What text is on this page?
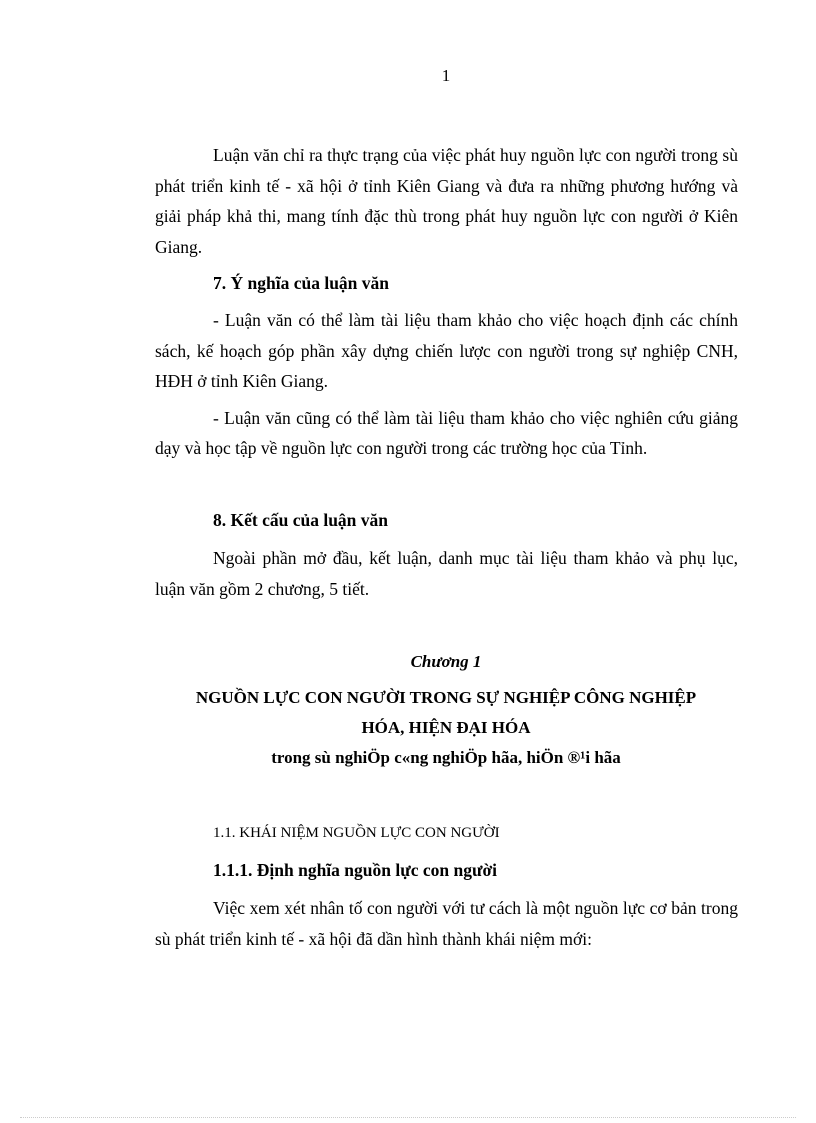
1

Luận văn chỉ ra thực trạng của việc phát huy nguồn lực con người trong sù phát triển kinh tế - xã hội ở tỉnh Kiên Giang và đưa ra những phương hướng và giải pháp khả thi, mang tính đặc thù trong phát huy nguồn lực con người ở Kiên Giang.

7. Ý nghĩa của luận văn

- Luận văn có thể làm tài liệu tham khảo cho việc hoạch định các chính sách, kế hoạch góp phần xây dựng chiến lược con người trong sự nghiệp CNH, HĐH ở tỉnh Kiên Giang.

- Luận văn cũng có thể làm tài liệu tham khảo cho việc nghiên cứu giảng dạy và học tập về nguồn lực con người trong các trường học của Tỉnh.

8. Kết cấu của luận văn

Ngoài phần mở đầu, kết luận, danh mục tài liệu tham khảo và phụ lục, luận văn gồm 2 chương, 5 tiết.

Chương 1
NGUỒN LỰC CON NGƯỜI TRONG SỰ NGHIỆP CÔNG NGHIỆP
HÓA, HIỆN ĐẠI HÓA
trong sù nghiÖp c«ng nghiÖp hãa, hiÖn ®¹i hãa
1.1. KHÁI NIỆM NGUỒN LỰC CON NGƯỜI
1.1.1. Định nghĩa nguồn lực con người

Việc xem xét nhân tố con người với tư cách là một nguồn lực cơ bản trong sù phát triển kinh tế - xã hội đã dần hình thành khái niệm mới:
